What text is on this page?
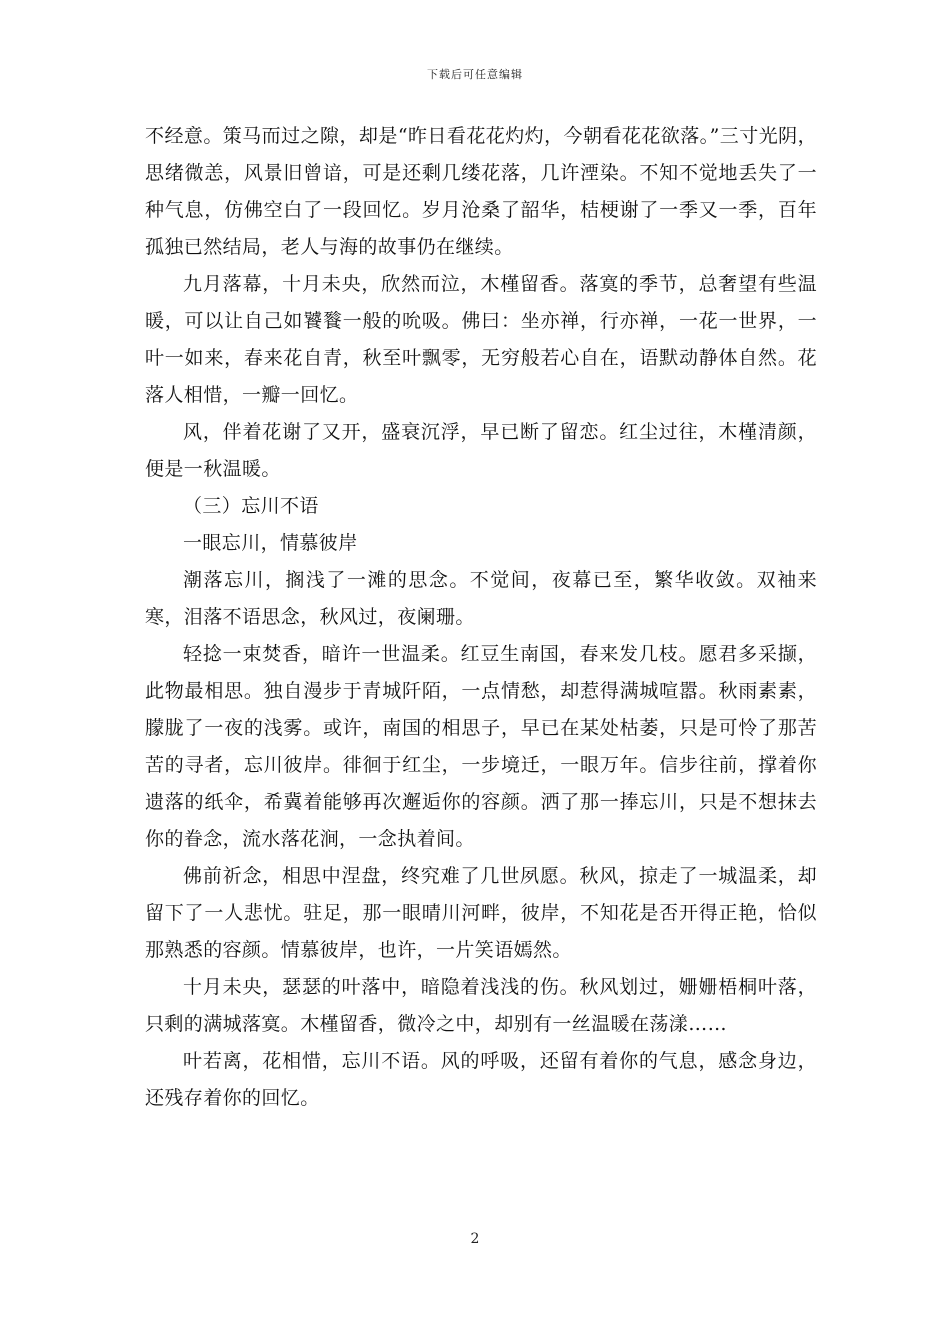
下载后可任意编辑

不经意。策马而过之隙，却是“昨日看花花灼灼，今朝看花花欲落。”三寸光阴，思绪微恙，风景旧曾谙，可是还剩几缕花落，几许湮染。不知不觉地丢失了一种气息，仿佛空白了一段回忆。岁月沧桑了韶华，桔梗谢了一季又一季，百年孤独已然结局，老人与海的故事仍在继续。

九月落幕，十月未央，欣然而泣，木槿留香。落寞的季节，总奢望有些温暖，可以让自己如饕餮一般的吮吸。佛曰：坐亦禅，行亦禅，一花一世界，一叶一如来，春来花自青，秋至叶飘零，无穷般若心自在，语默动静体自然。花落人相惜，一瓣一回忆。

风，伴着花谢了又开，盛衰沉浮，早已断了留恋。红尘过往，木槿清颜，便是一秋温暖。

（三）忘川不语

一眼忘川，情慕彼岸

潮落忘川，搁浅了一滩的思念。不觉间，夜幕已至，繁华收敛。双袖来寒，泪落不语思念，秋风过，夜阑珊。

轻捻一束焚香，暗许一世温柔。红豆生南国，春来发几枝。愿君多采撷，此物最相思。独自漫步于青城阡陌，一点情愁，却惹得满城喧嚣。秋雨素素，朦胧了一夜的浅雾。或许，南国的相思子，早已在某处枯萎，只是可怜了那苦苦的寻者，忘川彼岸。徘徊于红尘，一步境迁，一眼万年。信步往前，撑着你遗落的纸伞，希冀着能够再次邂逅你的容颜。洒了那一捧忘川，只是不想抹去你的眷念，流水落花涧，一念执着间。

佛前祈念，相思中涅盘，终究难了几世夙愿。秋风，掠走了一城温柔，却留下了一人悲忧。驻足，那一眼晴川河畔，彼岸，不知花是否开得正艳，恰似那熟悉的容颜。情慕彼岸，也许，一片笑语嫣然。

十月未央，瑟瑟的叶落中，暗隐着浅浅的伤。秋风划过，姗姗梧桐叶落，只剩的满城落寞。木槿留香，微冷之中，却别有一丝温暖在荡漾……

叶若离，花相惜，忘川不语。风的呼吸，还留有着你的气息，感念身边，还残存着你的回忆。

2
